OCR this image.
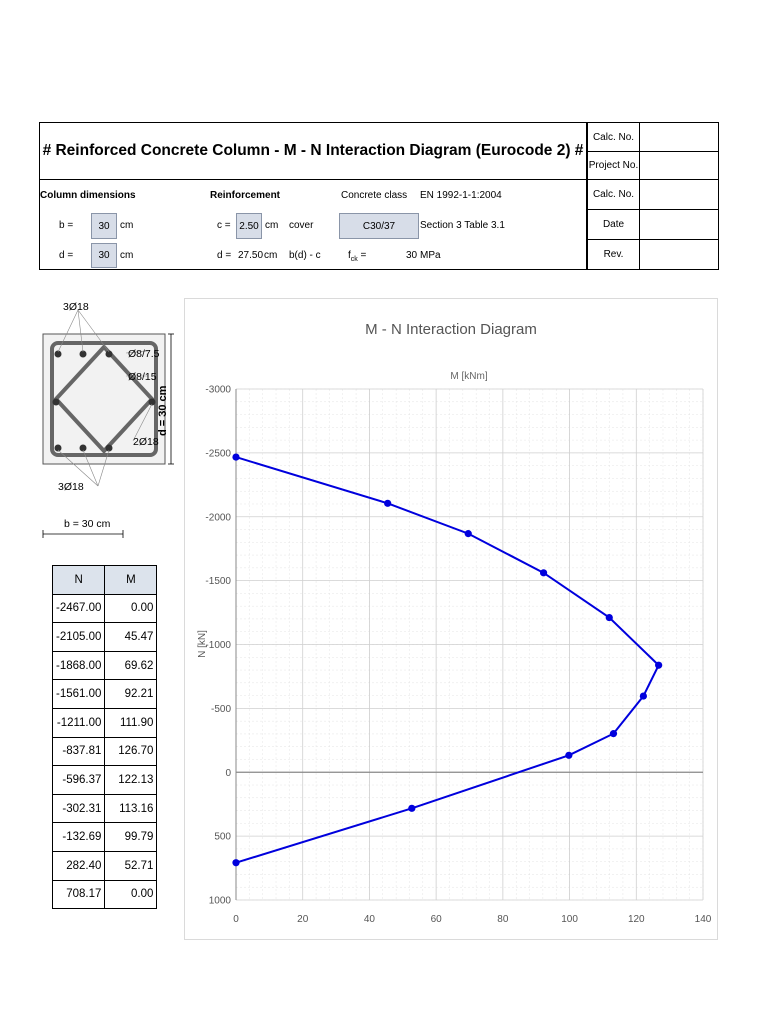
# Reinforced Concrete Column - M - N Interaction Diagram (Eurocode 2) #
Calc. No.
Project No.
Calc. No.
Date
Rev.
Column dimensions
b =	30	cm
d =	30	cm
Reinforcement
c = 2.50 cm cover
d = 27.50 cm b(d) - c
Concrete class EN 1992-1-1:2004
C30/37	Section 3 Table 3.1
$f_{ck}$ =	30 MPa
3Ø18
3Ø18
2Ø18
Ø8/7.5
Ø8/15
d = 30 cm
b = 30 cm
N	M
-2467.00	0.00
-2105.00	45.47
-1868.00	69.62
-1561.00	92.21
-1211.00	111.90
-837.81	126.70
-596.37	122.13
-302.31	113.16
-132.69	99.79
282.40	52.71
708.17	0.00
M - N Interaction Diagram
M [kNm]
N [kN]
0	20	40	60	80	100	120	140
-3000
-2500
-2000
-1500
-1000
-500
0
500
1000
